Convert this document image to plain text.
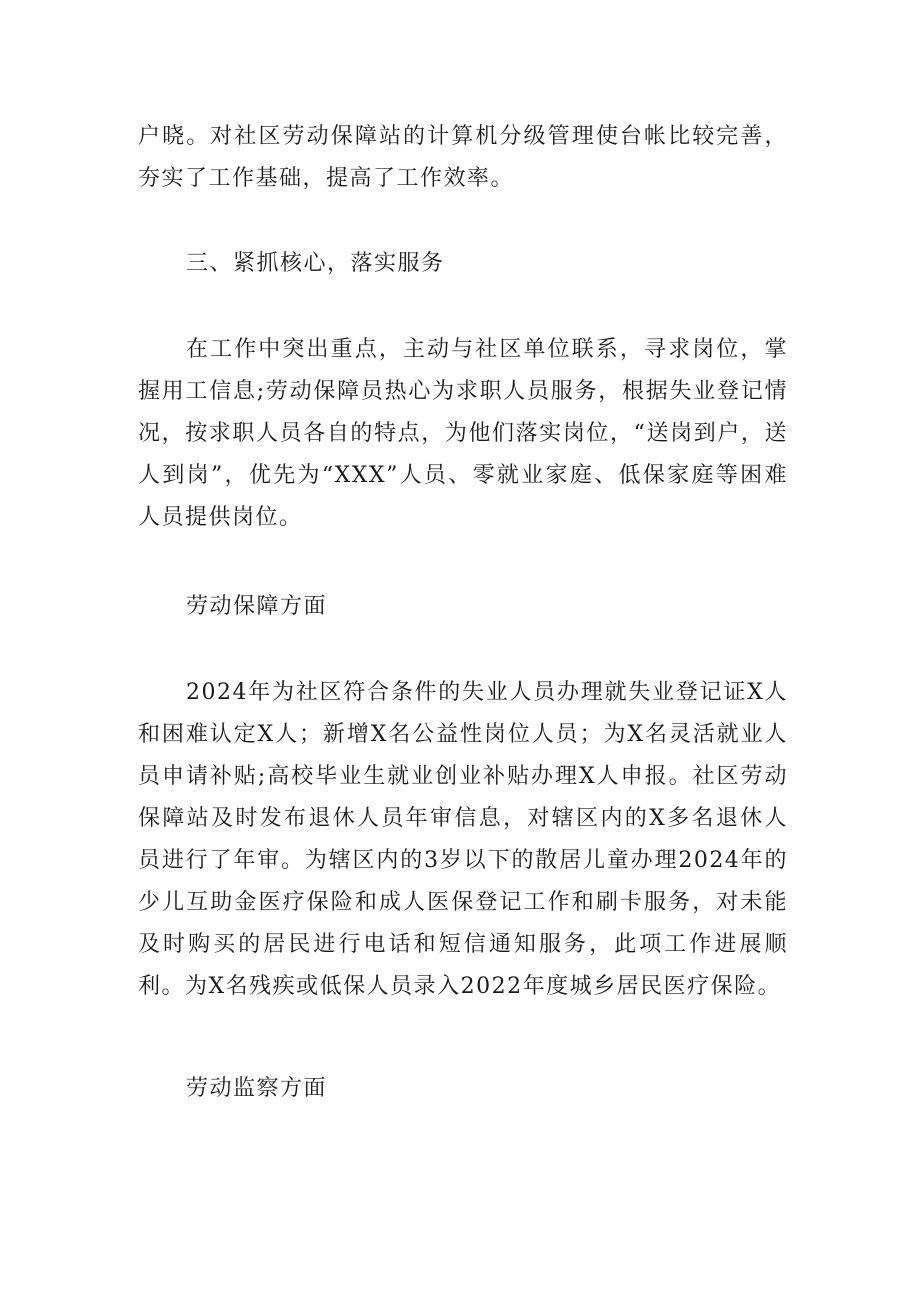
户晓。对社区劳动保障站的计算机分级管理使台帐比较完善，夯实了工作基础，提高了工作效率。

三、紧抓核心，落实服务

在工作中突出重点，主动与社区单位联系，寻求岗位，掌握用工信息;劳动保障员热心为求职人员服务，根据失业登记情况，按求职人员各自的特点，为他们落实岗位，“送岗到户，送人到岗”，优先为“XXX”人员、零就业家庭、低保家庭等困难人员提供岗位。

劳动保障方面

2024年为社区符合条件的失业人员办理就失业登记证X人和困难认定X人；新增X名公益性岗位人员；为X名灵活就业人员申请补贴;高校毕业生就业创业补贴办理X人申报。社区劳动保障站及时发布退休人员年审信息，对辖区内的X多名退休人员进行了年审。为辖区内的3岁以下的散居儿童办理2024年的少儿互助金医疗保险和成人医保登记工作和刷卡服务，对未能及时购买的居民进行电话和短信通知服务，此项工作进展顺利。为X名残疾或低保人员录入2022年度城乡居民医疗保险。

劳动监察方面
